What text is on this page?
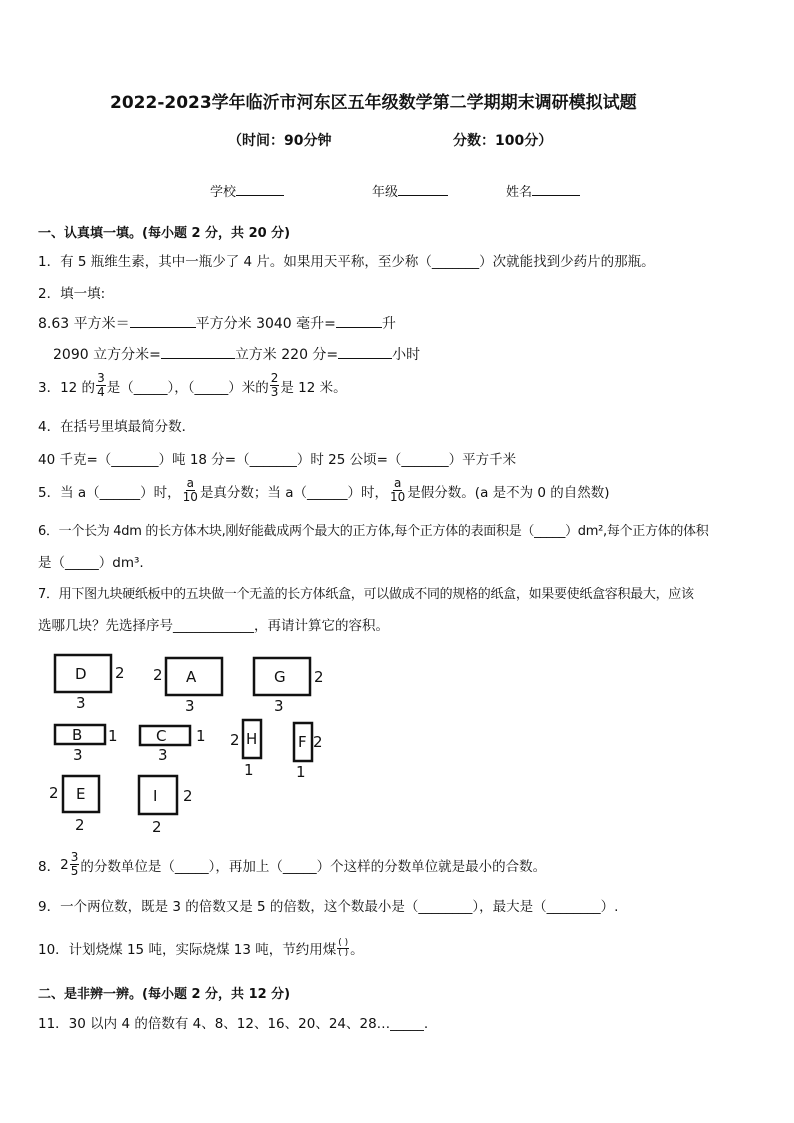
2022-2023学年临沂市河东区五年级数学第二学期期末调研模拟试题
（时间：90分钟	分数：100分）
学校	年级	姓名
一、认真填一填。(每小题 2 分，共 20 分)
1．有 5 瓶维生素，其中一瓶少了 4 片。如果用天平称，至少称（_______）次就能找到少药片的那瓶。
2．填一填:
8.63 平方米＝	平方分米 3040 毫升=	升
2090 立方分米=	立方米 220 分=	小时
3．12 的 $\frac{3}{4}$ 是（_____），（_____）米的 $\frac{2}{3}$ 是 12 米。
4．在括号里填最简分数．
40 千克=（_______）吨 18 分=（_______）时 25 公顷=（_______）平方千米
5．当 a（______）时， $\frac{a}{10}$ 是真分数；当 a（______）时， $\frac{a}{10}$ 是假分数。(a 是不为 0 的自然数)
6．一个长为 4dm 的长方体木块,刚好能截成两个最大的正方体,每个正方体的表面积是（_____）dm²,每个正方体的体积
是（_____）dm³.
7．用下图九块硬纸板中的五块做一个无盖的长方体纸盒，可以做成不同的规格的纸盒，如果要使纸盒容积最大，应该
选哪几块？先选择序号____________，再请计算它的容积。
D 2
3
A
2
3
G 2
3
B 1
3
C 1
3
H
2
1
F 2
1
E
2
2
I 2
2
8． $2 \frac{3}{5}$ 的分数单位是（_____），再加上（_____）个这样的分数单位就是最小的合数。
9．一个两位数，既是 3 的倍数又是 5 的倍数，这个数最小是（________），最大是（________）.
10．计划烧煤 15 吨，实际烧煤 13 吨，节约用煤 $\frac{( )}{( )}$ 。
二、是非辨一辨。(每小题 2 分，共 12 分)
11．30 以内 4 的倍数有 4、8、12、16、20、24、28…_____.
